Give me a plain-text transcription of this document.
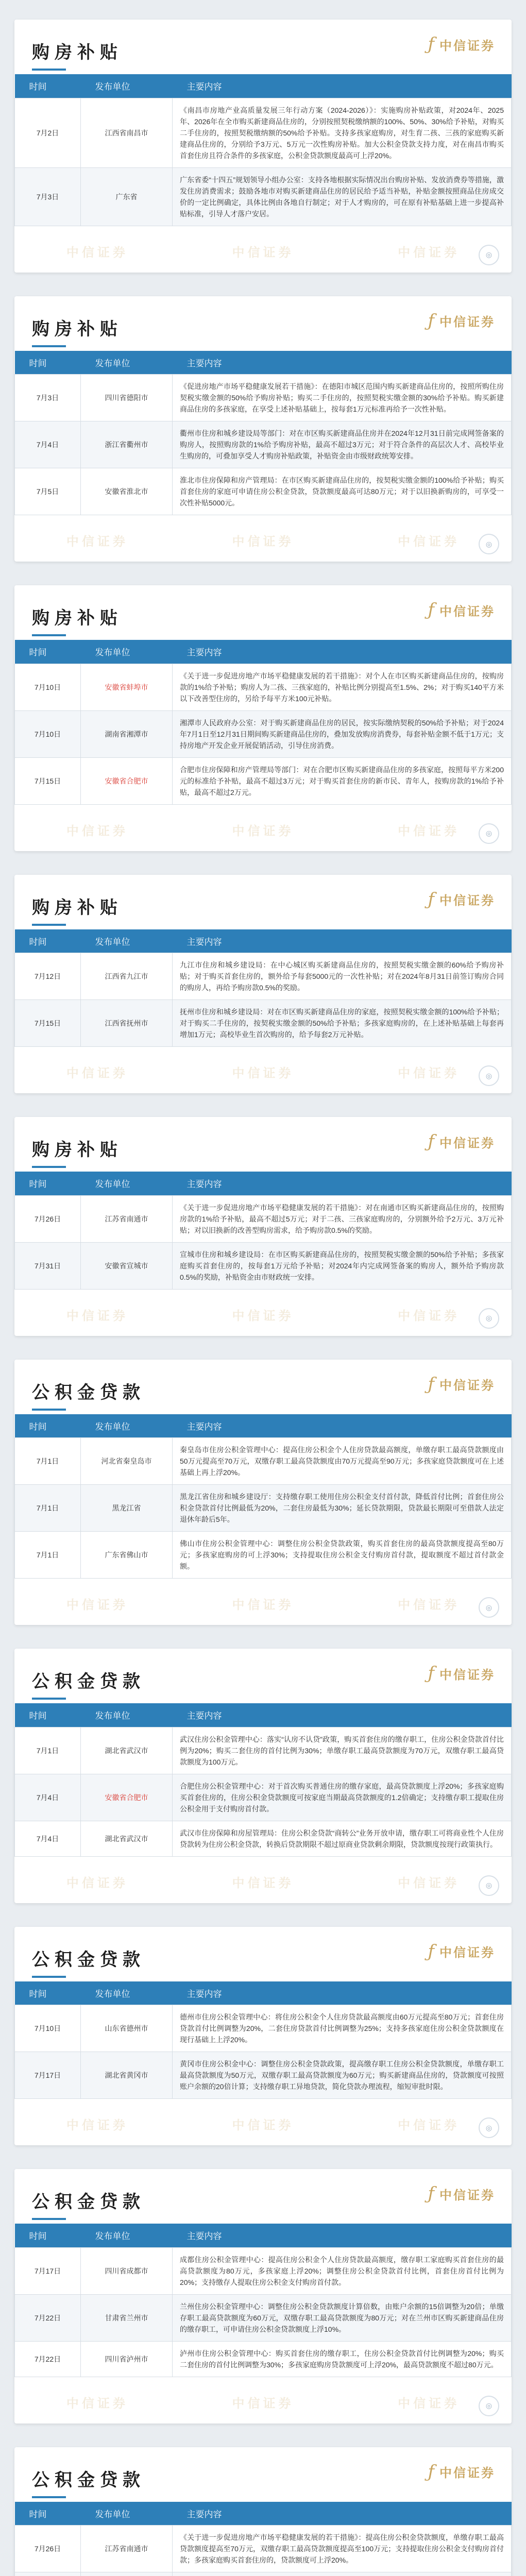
购房补贴	ƒ 中信证券
时间	发布单位	主要内容
7月2日	江西省南昌市	《南昌市房地产业高质量发展三年行动方案（2024-2026）》：实施购房补贴政策，对2024年、2025年、2026年在全市购买新建商品住房的，分别按照契税缴纳额的100%、50%、30%给予补贴，对购买二手住房的，按照契税缴纳额的50%给予补贴。支持多孩家庭购房，对生育二孩、三孩的家庭购买新建商品住房的，分别给予3万元、5万元一次性购房补贴。加大公积金贷款支持力度，对在南昌市购买首套住房且符合条件的多孩家庭，公积金贷款额度最高可上浮20%。
7月3日	广东省	广东省委“十四五”规划领导小组办公室：支持各地根据实际情况出台购房补贴、发放消费券等措施，激发住房消费需求；鼓励各地市对购买新建商品住房的居民给予适当补贴，补贴金额按照商品住房成交价的一定比例确定，具体比例由各地自行制定；对于人才购房的，可在原有补贴基础上进一步提高补贴标准，引导人才落户安居。
中信证券	中信证券	中信证券	◎
购房补贴	ƒ 中信证券
时间	发布单位	主要内容
7月3日	四川省德阳市	《促进房地产市场平稳健康发展若干措施》：在德阳市城区范围内购买新建商品住房的，按照所购住房契税实缴金额的50%给予购房补贴；购买二手住房的，按照契税实缴金额的30%给予补贴。购买新建商品住房的多孩家庭，在享受上述补贴基础上，按每套1万元标准再给予一次性补贴。
7月4日	浙江省衢州市	衢州市住房和城乡建设局等部门：对在市区购买新建商品住房并在2024年12月31日前完成网签备案的购房人，按照购房款的1%给予购房补贴，最高不超过3万元；对于符合条件的高层次人才、高校毕业生购房的，可叠加享受人才购房补贴政策，补贴资金由市级财政统筹安排。
7月5日	安徽省淮北市	淮北市住房保障和房产管理局：在市区购买新建商品住房的，按契税实缴金额的100%给予补贴；购买首套住房的家庭可申请住房公积金贷款，贷款额度最高可达80万元；对于以旧换新购房的，可享受一次性补贴5000元。
中信证券	中信证券	中信证券	◎
购房补贴	ƒ 中信证券
时间	发布单位	主要内容
7月10日	安徽省蚌埠市	《关于进一步促进房地产市场平稳健康发展的若干措施》：对个人在市区购买新建商品住房的，按购房款的1%给予补贴；购房人为二孩、三孩家庭的，补贴比例分别提高至1.5%、2%；对于购买140平方米以下改善型住房的，另给予每平方米100元补贴。
7月10日	湖南省湘潭市	湘潭市人民政府办公室：对于购买新建商品住房的居民，按实际缴纳契税的50%给予补贴；对于2024年7月1日至12月31日期间购买新建商品住房的，叠加发放购房消费券，每套补贴金额不低于1万元；支持房地产开发企业开展促销活动，引导住房消费。
7月15日	安徽省合肥市	合肥市住房保障和房产管理局等部门：对在合肥市区购买新建商品住房的多孩家庭，按照每平方米200元的标准给予补贴，最高不超过3万元；对于购买首套住房的新市民、青年人，按购房款的1%给予补贴，最高不超过2万元。
中信证券	中信证券	中信证券	◎
购房补贴	ƒ 中信证券
时间	发布单位	主要内容
7月12日	江西省九江市	九江市住房和城乡建设局：在中心城区购买新建商品住房的，按照契税实缴金额的60%给予购房补贴；对于购买首套住房的，额外给予每套5000元的一次性补贴；对在2024年8月31日前签订购房合同的购房人，再给予购房款0.5%的奖励。
7月15日	江西省抚州市	抚州市住房和城乡建设局：对在市区购买新建商品住房的家庭，按照契税实缴金额的100%给予补贴；对于购买二手住房的，按契税实缴金额的50%给予补贴；多孩家庭购房的，在上述补贴基础上每套再增加1万元；高校毕业生首次购房的，给予每套2万元补贴。
中信证券	中信证券	中信证券	◎
购房补贴	ƒ 中信证券
时间	发布单位	主要内容
7月26日	江苏省南通市	《关于进一步促进房地产市场平稳健康发展的若干措施》：对在南通市区购买新建商品住房的，按照购房款的1%给予补贴，最高不超过5万元；对于二孩、三孩家庭购房的，分别额外给予2万元、3万元补贴；对以旧换新的改善型购房需求，给予购房款0.5%的奖励。
7月31日	安徽省宣城市	宣城市住房和城乡建设局：在市区购买新建商品住房的，按照契税实缴金额的50%给予补贴；多孩家庭购买首套住房的，按每套1万元给予补贴；对2024年内完成网签备案的购房人，额外给予购房款0.5%的奖励，补贴资金由市财政统一安排。
中信证券	中信证券	中信证券	◎
公积金贷款	ƒ 中信证券
时间	发布单位	主要内容
7月1日	河北省秦皇岛市	秦皇岛市住房公积金管理中心：提高住房公积金个人住房贷款最高额度，单缴存职工最高贷款额度由50万元提高至70万元，双缴存职工最高贷款额度由70万元提高至90万元；多孩家庭贷款额度可在上述基础上再上浮20%。
7月1日	黑龙江省	黑龙江省住房和城乡建设厅：支持缴存职工使用住房公积金支付首付款，降低首付比例；首套住房公积金贷款首付比例最低为20%，二套住房最低为30%；延长贷款期限，贷款最长期限可至借款人法定退休年龄后5年。
7月1日	广东省佛山市	佛山市住房公积金管理中心：调整住房公积金贷款政策，购买首套住房的最高贷款额度提高至80万元；多孩家庭购房的可上浮30%；支持提取住房公积金支付购房首付款，提取额度不超过首付款金额。
中信证券	中信证券	中信证券	◎
公积金贷款	ƒ 中信证券
时间	发布单位	主要内容
7月1日	湖北省武汉市	武汉住房公积金管理中心：落实“认房不认贷”政策，购买首套住房的缴存职工，住房公积金贷款首付比例为20%；购买二套住房的首付比例为30%；单缴存职工最高贷款额度为70万元，双缴存职工最高贷款额度为100万元。
7月4日	安徽省合肥市	合肥住房公积金管理中心：对于首次购买普通住房的缴存家庭，最高贷款额度上浮20%；多孩家庭购买首套住房的，住房公积金贷款额度可按家庭当期最高贷款额度的1.2倍确定；支持缴存职工提取住房公积金用于支付购房首付款。
7月4日	湖北省武汉市	武汉市住房保障和房屋管理局：住房公积金贷款“商转公”业务开放申请，缴存职工可将商业性个人住房贷款转为住房公积金贷款，转换后贷款期限不超过原商业贷款剩余期限，贷款额度按现行政策执行。
中信证券	中信证券	中信证券	◎
公积金贷款	ƒ 中信证券
时间	发布单位	主要内容
7月10日	山东省德州市	德州市住房公积金管理中心：将住房公积金个人住房贷款最高额度由60万元提高至80万元；首套住房贷款首付比例调整为20%，二套住房贷款首付比例调整为25%；支持多孩家庭住房公积金贷款额度在现行基础上上浮20%。
7月17日	湖北省黄冈市	黄冈市住房公积金中心：调整住房公积金贷款政策，提高缴存职工住房公积金贷款额度，单缴存职工最高贷款额度为50万元，双缴存职工最高贷款额度为60万元；购买新建商品住房的，贷款额度可按照账户余额的20倍计算；支持缴存职工异地贷款，简化贷款办理流程，缩短审批时限。
中信证券	中信证券	中信证券	◎
公积金贷款	ƒ 中信证券
时间	发布单位	主要内容
7月17日	四川省成都市	成都住房公积金管理中心：提高住房公积金个人住房贷款最高额度，缴存职工家庭购买首套住房的最高贷款额度为80万元，多孩家庭上浮20%；调整住房公积金贷款首付比例，首套住房首付比例为20%；支持缴存人提取住房公积金支付购房首付款。
7月22日	甘肃省兰州市	兰州住房公积金管理中心：调整住房公积金贷款额度计算倍数，由账户余额的15倍调整为20倍；单缴存职工最高贷款额度为60万元，双缴存职工最高贷款额度为80万元；对在兰州市区购买新建商品住房的缴存职工，可申请住房公积金贷款额度上浮10%。
7月22日	四川省泸州市	泸州市住房公积金管理中心：购买首套住房的缴存职工，住房公积金贷款首付比例调整为20%；购买二套住房的首付比例调整为30%；多孩家庭购房贷款额度可上浮20%，最高贷款额度不超过80万元。
中信证券	中信证券	中信证券	◎
公积金贷款	ƒ 中信证券
时间	发布单位	主要内容
7月26日	江苏省南通市	《关于进一步促进房地产市场平稳健康发展的若干措施》：提高住房公积金贷款额度，单缴存职工最高贷款额度提高至70万元，双缴存职工最高贷款额度提高至100万元；支持提取住房公积金支付购房首付款；多孩家庭购买首套住房的，贷款额度可上浮20%。
